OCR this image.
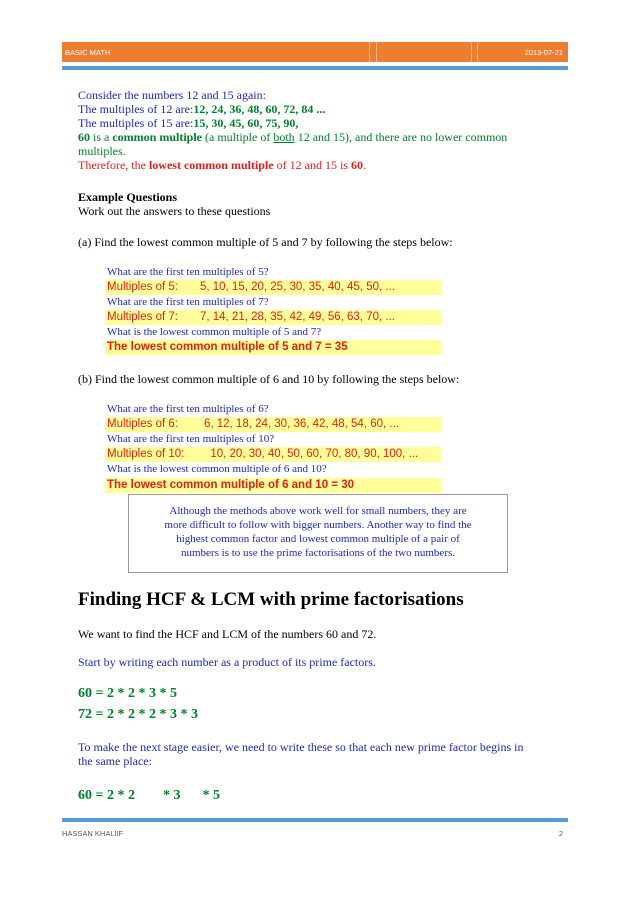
BASIC MATH	2013-07-21
Consider the numbers 12 and 15 again:
The multiples of 12 are:12, 24, 36, 48, 60, 72, 84 ...
The multiples of 15 are:15, 30, 45, 60, 75, 90,
60 is a common multiple (a multiple of both 12 and 15), and there are no lower common
multiples.
Therefore, the lowest common multiple of 12 and 15 is 60.
Example Questions
Work out the answers to these questions
(a) Find the lowest common multiple of 5 and 7 by following the steps below:
What are the first ten multiples of 5?
Multiples of 5: 5, 10, 15, 20, 25, 30, 35, 40, 45, 50, ...
What are the first ten multiples of 7?
Multiples of 7: 7, 14, 21, 28, 35, 42, 49, 56, 63, 70, ...
What is the lowest common multiple of 5 and 7?
The lowest common multiple of 5 and 7 = 35
(b) Find the lowest common multiple of 6 and 10 by following the steps below:
What are the first ten multiples of 6?
Multiples of 6: 6, 12, 18, 24, 30, 36, 42, 48, 54, 60, ...
What are the first ten multiples of 10?
Multiples of 10: 10, 20, 30, 40, 50, 60, 70, 80, 90, 100, ...
What is the lowest common multiple of 6 and 10?
The lowest common multiple of 6 and 10 = 30
Although the methods above work well for small numbers, they are
more difficult to follow with bigger numbers. Another way to find the
highest common factor and lowest common multiple of a pair of
numbers is to use the prime factorisations of the two numbers.
Finding HCF & LCM with prime factorisations
We want to find the HCF and LCM of the numbers 60 and 72.
Start by writing each number as a product of its prime factors.
60 = 2 * 2 * 3 * 5
72 = 2 * 2 * 2 * 3 * 3
To make the next stage easier, we need to write these so that each new prime factor begins in
the same place:
60 = 2 * 2 * 3 * 5
HASSAN KHALIIF	2
